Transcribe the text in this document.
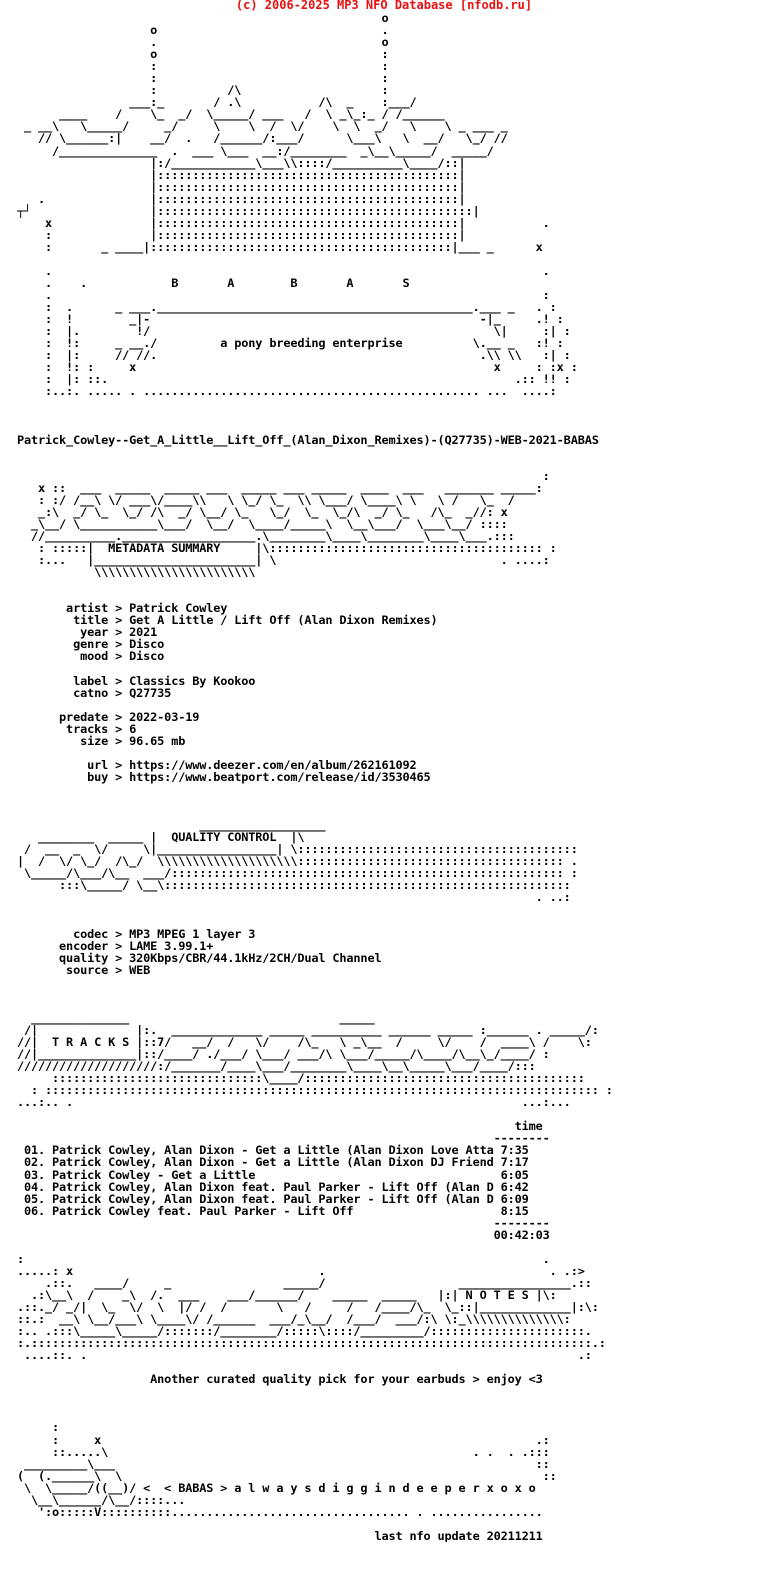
(c) 2006-2025 MP3 NFO Database [nfodb.ru]
o
o                                .
.                                o
o                                :
:                                :
:                                :
:          /\                    :
___:_       / .\           /\  _    :___/
____    /    \_  _/  \_____/ ___   /  \ _\_:_ / /______
_ __\   \_____/     _/     \    \  /  \/    \  \  _/   \    \ _ ___ _
// \______:|    __/  .   /______/:___/      \___\   \  __/   \_/ //
/______________  .  ___ \___  __:/________  _\__\_____/  _____/
|:/____________\___\\::::/__________\____/::|
|:::::::::::::::::::::::::::::::::::::::::::|
|:::::::::::::::::::::::::::::::::::::::::::|
.               |:::::::::::::::::::::::::::::::::::::::::::|
┬┘                 |:::::::::::::::::::::::::::::::::::::::::::::|
x              |:::::::::::::::::::::::::::::::::::::::::::|           .
:              |:::::::::::::::::::::::::::::::::::::::::::|
:       _ ____|:::::::::::::::::::::::::::::::::::::::::::|___ _      x
.                                                                      .
.    .            B       A        B       A       S
.                                                                      :
:  .      _ ___._____________________________________________.___ _   . :
:  !        _|-                                               -|_     .! :
:  |.        !/                                                 \|     :| :
:  !:     _ __./         a pony breeding enterprise          \.__ _   :! :
:  |:     // //.                                              .\\ \\   :| :
:  !: :     x                                                   x     : :x :
:  |: ::.                                                          .:: !! :
:..:. ..... . ................................................ ...  ....:
Patrick_Cowley--Get_A_Little__Lift_Off_(Alan_Dixon_Remixes)-(Q27735)-WEB-2021-BABAS
:
x ::  ___  _____  _____ ___  _____ ___ _____  ____  ___   _______ _____:
: :/ /__\ \/ ___\/____\\   \ \_/ \_  \\ \___/ \____\ \   \ /   \_  /
_:\  _/ \_  \_/ /\  _/ \__/ \_   \_/  \_  \_/\  _/ \_   /\_  _//: x
_\__/ \___________\___/  \__/  \____/_____\  \__\___/  \___\__/ ::::
//__________.___________________.\________\____\________\____\___.:::
: :::::|  METADATA SUMMARY     |\::::::::::::::::::::::::::::::::::::::: :
:...   |_______________________| \                                . ....:
\\\\\\\\\\\\\\\\\\\\\\\
artist > Patrick Cowley
title > Get A Little / Lift Off (Alan Dixon Remixes)
year > 2021
genre > Disco
mood > Disco
label > Classics By Kookoo
catno > Q27735
predate > 2022-03-19
tracks > 6
size > 96.65 mb
url > https://www.deezer.com/en/album/262161092
buy > https://www.beatport.com/release/id/3530465
__________________
________  _____ |  QUALITY CONTROL  |\
/  __  _  \/     \|_________________| \::::::::::::::::::::::::::::::::::::::::
|  /  \/ \_/  /\_/  \\\\\\\\\\\\\\\\\\\\:::::::::::::::::::::::::::::::::::::: .
\_____/\___/\__  ___/:::::::::::::::::::::::::::::::::::::::::::::::::::::::: :
:::\_____/ \__\::::::::::::::::::::::::::::::::::::::::::::::::::::::::::
. ..:
codec > MP3 MPEG 1 layer 3
encoder > LAME 3.99.1+
quality > 320Kbps/CBR/44.1kHz/2CH/Dual Channel
source > WEB
______________                              _____
/|              |:.  _____________ _____ __________ ______ _____ :______ . _____/:
//|  T R A C K S |::7/   __/  /   \/    /\_   \ _\__  /     \/    /  ____\ /    \:
//|______________|::/____/ ./___/ \___/ ___/\ \___/_____/\____/\__\_/____/ :
////////////////////:/_______/____\___/________\____\__\_____\___/____/:::
::::::::::::::::::::::::::::::\____/::::::::::::::::::::::::::::::::::::::::
: ::::::::::::::::::::::::::::::::::::::::::::::::::::::::::::::::::::::::::::::: :
...:.. .                                                                ...:...
time
--------
01. Patrick Cowley, Alan Dixon - Get a Little (Alan Dixon Love Atta 7:35
02. Patrick Cowley, Alan Dixon - Get a Little (Alan Dixon DJ Friend 7:17
03. Patrick Cowley - Get a Little                                   6:05
04. Patrick Cowley, Alan Dixon feat. Paul Parker - Lift Off (Alan D 6:42
05. Patrick Cowley, Alan Dixon feat. Paul Parker - Lift Off (Alan D 6:09
06. Patrick Cowley feat. Paul Parker - Lift Off                     8:15
--------
00:42:03
:                                                                          .
.....: x                                   .                                . .:>
.::.   ____/     _                _____/                   ________________.::
.:\__\  /    _\  /.  ___    ___/______/    _____  _____   |:| N O T E S |\:
.::._/ _/|  \_  \/  \  |/ /  /       \   /     /   /____/\_  \_::|_____________|:\:
::.:  __\ \__/___\ \____\/ /______  ___/_\__/  /___/  ___/:\ \:_\\\\\\\\\\\\\\:
:.. .:::\_____\_____/:::::::/________/:::::\::::/_________/::::::::::::::::::::::.
:.::::::::::::::::::::::::::::::::::::::::::::::::::::::::::::::::::::::::::::::::.:
....::. .                                                                      .:
Another curated quality pick for your earbuds > enjoy <3
:
:     x                                                              .:
::.....\                                                    . .  . .:::
_________\___                                                            ::
(  (.______\  \                                                            ::
\  \_____/((__)/ <  < BABAS > a l w a y s d i g g i n d e e p e r x o x o
\__\______/\__/::::...
':o:::::V::::::::::.................................. . ................
last nfo update 20211211
